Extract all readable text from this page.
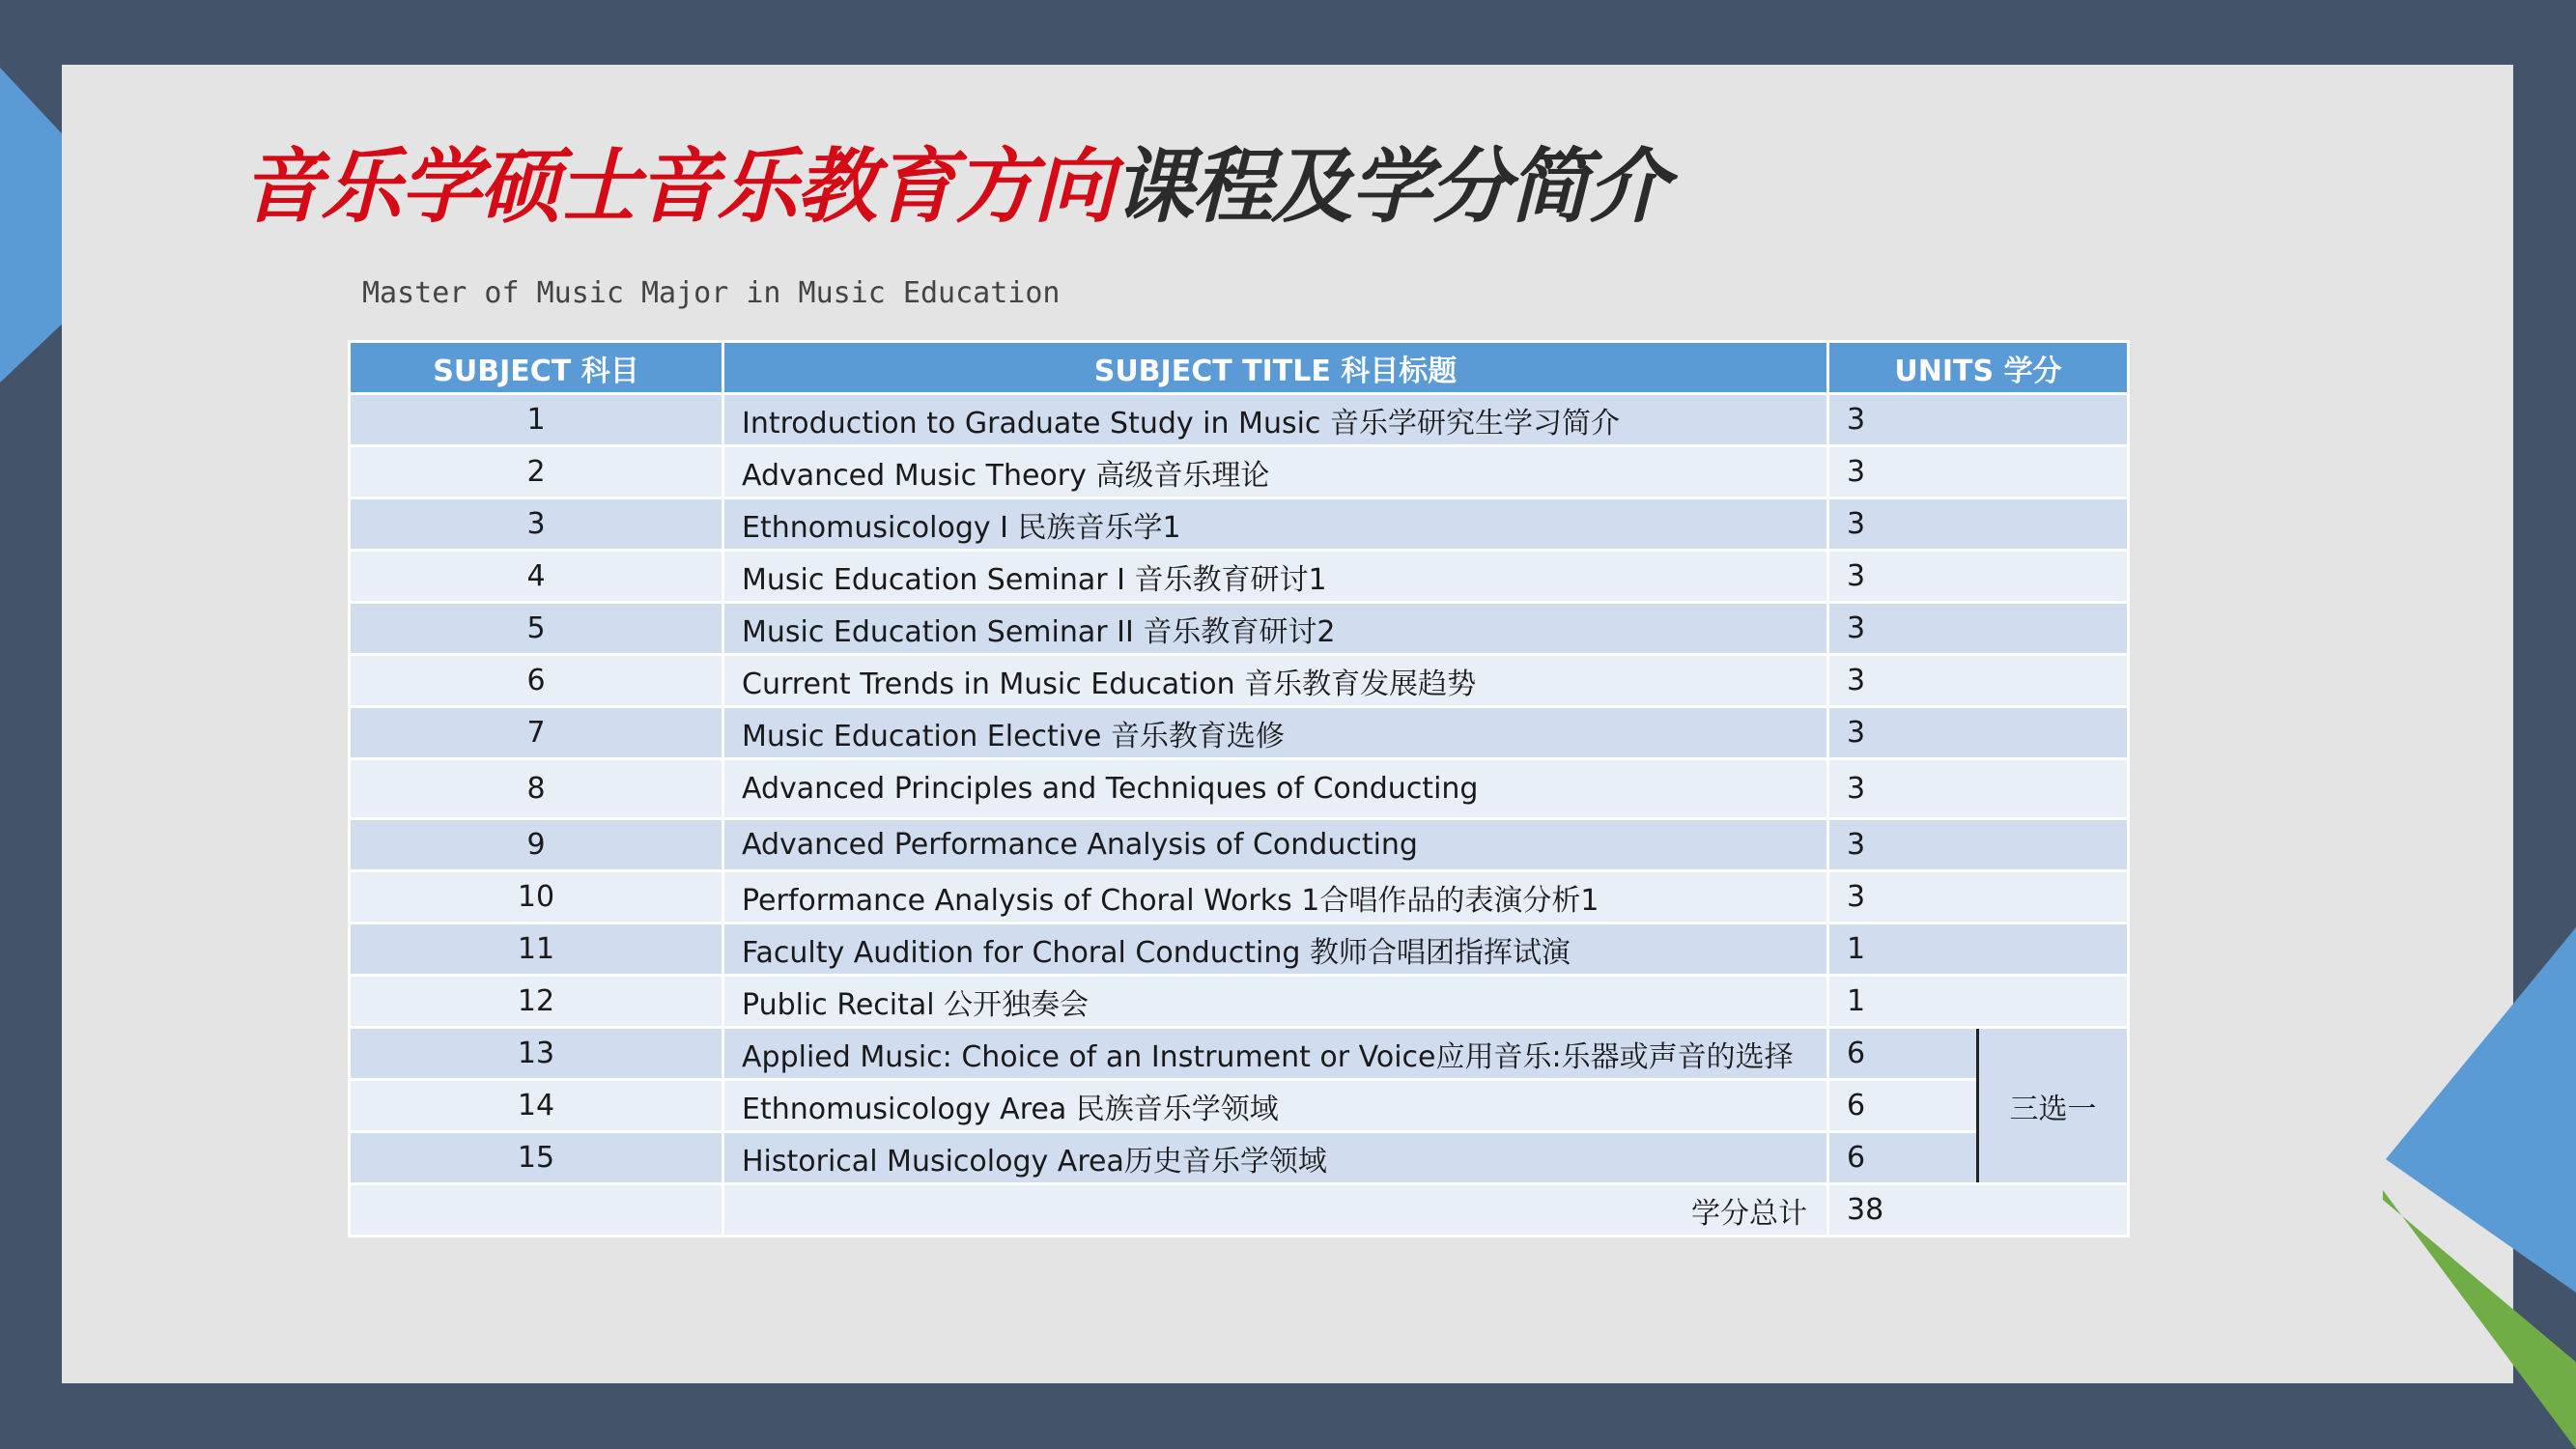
音乐学硕士音乐教育方向课程及学分简介
Master of Music Major in Music Education
SUBJECT 科目	SUBJECT TITLE 科目标题	UNITS 学分	
1	Introduction to Graduate Study in Music 音乐学研究生学习简介	3	
2	Advanced Music Theory 高级音乐理论	3	
3	Ethnomusicology I 民族音乐学1	3	
4	Music Education Seminar I 音乐教育研讨1	3	
5	Music Education Seminar II 音乐教育研讨2	3	
6	Current Trends in Music Education 音乐教育发展趋势	3	
7	Music Education Elective 音乐教育选修	3	
8	Advanced Principles and Techniques of Conducting	3	
9	Advanced Performance Analysis of Conducting	3	
10	Performance Analysis of Choral Works 1合唱作品的表演分析1	3	
11	Faculty Audition for Choral Conducting 教师合唱团指挥试演	1	
12	Public Recital 公开独奏会	1	
13	Applied Music: Choice of an Instrument or Voice应用音乐:乐器或声音的选择	6	三选一
14	Ethnomusicology Area 民族音乐学领域	6	
15	Historical Musicology Area历史音乐学领域	6	
	学分总计	38	
